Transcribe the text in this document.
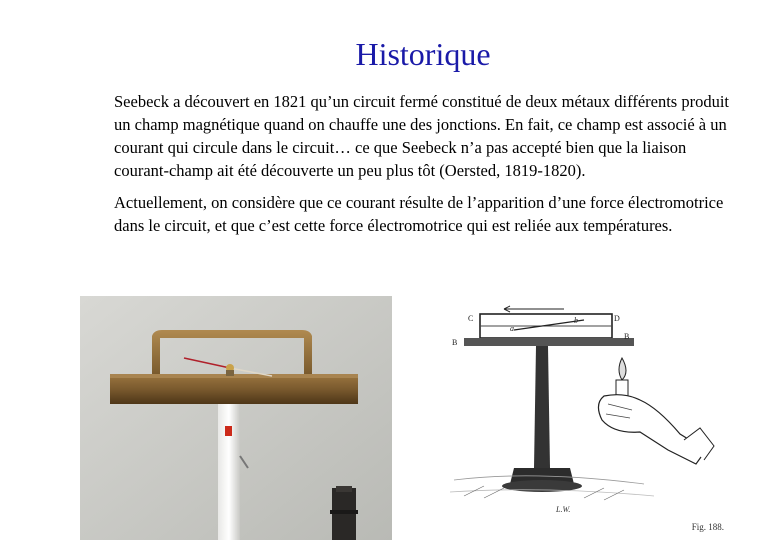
Historique

Seebeck a découvert en 1821 qu’un circuit fermé constitué de deux métaux différents produit un champ magnétique quand on chauffe une des jonctions. En fait, ce champ est associé à un courant qui circule dans le circuit… ce que Seebeck n’a pas accepté bien que la liaison courant-champ ait été découverte un peu plus tôt (Oersted, 1819-1820).

Actuellement, on considère que ce courant résulte de l’apparition d’une force électromotrice dans le circuit, et que c’est cette force électromotrice qui est reliée aux températures.

C	D
B
B
a
b
L.W.
Fig. 188.
